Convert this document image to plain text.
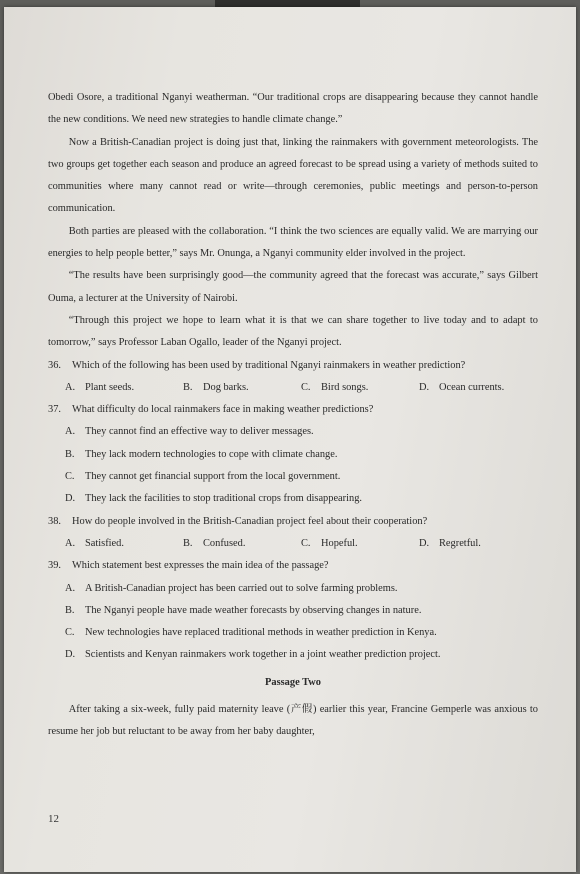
Obedi Osore, a traditional Nganyi weatherman. “Our traditional crops are disappearing because they cannot handle the new conditions. We need new strategies to handle climate change.”

Now a British-Canadian project is doing just that, linking the rainmakers with government meteorologists. The two groups get together each season and produce an agreed forecast to be spread using a variety of methods suited to communities where many cannot read or write—through ceremonies, public meetings and person-to-person communication.

Both parties are pleased with the collaboration. “I think the two sciences are equally valid. We are marrying our energies to help people better,” says Mr. Onunga, a Nganyi community elder involved in the project.

“The results have been surprisingly good—the community agreed that the forecast was accurate,” says Gilbert Ouma, a lecturer at the University of Nairobi.

“Through this project we hope to learn what it is that we can share together to live today and to adapt to tomorrow,” says Professor Laban Ogallo, leader of the Nganyi project.

36. Which of the following has been used by traditional Nganyi rainmakers in weather prediction?

A. Plant seeds.	B. Dog barks.	C. Bird songs.	D. Ocean currents.

37. What difficulty do local rainmakers face in making weather predictions?

A. They cannot find an effective way to deliver messages.

B. They lack modern technologies to cope with climate change.

C. They cannot get financial support from the local government.

D. They lack the facilities to stop traditional crops from disappearing.

38. How do people involved in the British-Canadian project feel about their cooperation?

A. Satisfied.	B. Confused.	C. Hopeful.	D. Regretful.

39. Which statement best expresses the main idea of the passage?

A. A British-Canadian project has been carried out to solve farming problems.

B. The Nganyi people have made weather forecasts by observing changes in nature.

C. New technologies have replaced traditional methods in weather prediction in Kenya.

D. Scientists and Kenyan rainmakers work together in a joint weather prediction project.

Passage Two

After taking a six-week, fully paid maternity leave (产假) earlier this year, Francine Gemperle was anxious to resume her job but reluctant to be away from her baby daughter,

12
